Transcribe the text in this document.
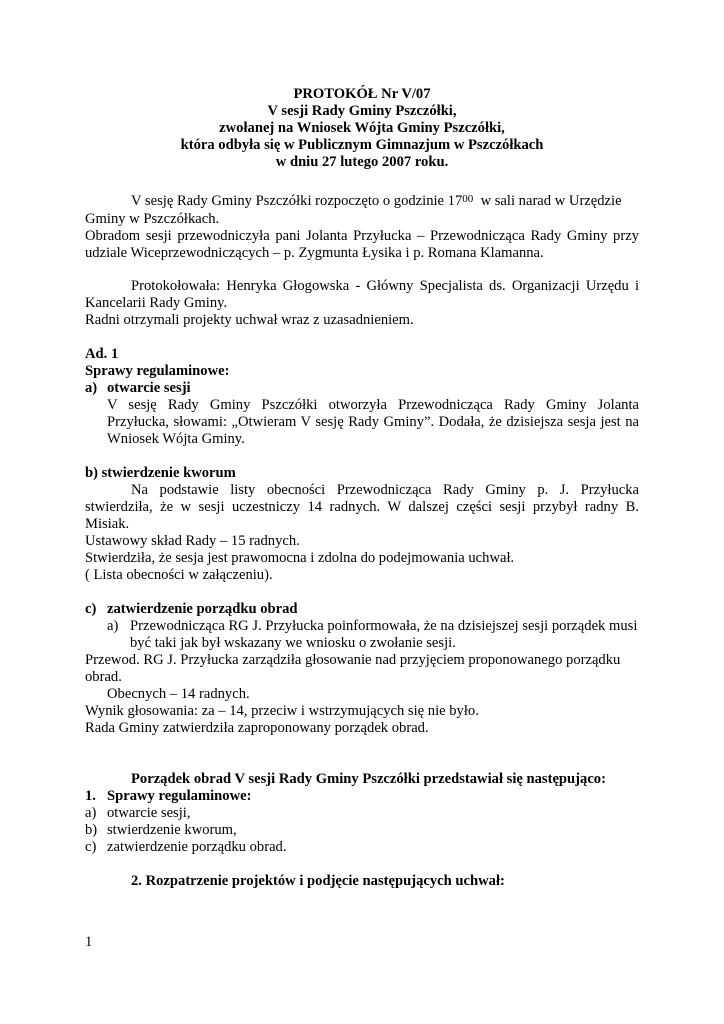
PROTOKÓŁ Nr V/07
V sesji Rady Gminy Pszczółki,
zwołanej na Wniosek Wójta Gminy Pszczółki,
która odbyła się w Publicznym Gimnazjum w Pszczółkach
w dniu 27 lutego 2007 roku.
V sesję Rady Gminy Pszczółki rozpoczęto o godzinie $17^{00}$  w sali narad w Urzędzie
Gminy w Pszczółkach.
Obradom sesji przewodniczyła pani Jolanta Przyłucka – Przewodnicząca Rady Gminy przy
udziale Wiceprzewodniczących – p. Zygmunta Łysika i p. Romana Klamanna.
Protokołowała: Henryka Głogowska - Główny Specjalista ds. Organizacji Urzędu i
Kancelarii Rady Gminy.
Radni otrzymali projekty uchwał wraz z uzasadnieniem.
Ad. 1
Sprawy regulaminowe:
a) otwarcie sesji
V sesję Rady Gminy Pszczółki otworzyła Przewodnicząca Rady Gminy Jolanta
Przyłucka, słowami: „Otwieram V sesję Rady Gminy”. Dodała, że dzisiejsza sesja jest na
Wniosek Wójta Gminy.
b) stwierdzenie kworum
Na podstawie listy obecności Przewodnicząca Rady Gminy p. J. Przyłucka
stwierdziła, że w sesji uczestniczy 14 radnych. W dalszej części sesji przybył radny B.
Misiak.
Ustawowy skład Rady – 15 radnych.
Stwierdziła, że sesja jest prawomocna i zdolna do podejmowania uchwał.
( Lista obecności w załączeniu).
c) zatwierdzenie porządku obrad
a) Przewodnicząca RG J. Przyłucka poinformowała, że na dzisiejszej sesji porządek musi
być taki jak był wskazany we wniosku o zwołanie sesji.
Przewod. RG J. Przyłucka zarządziła głosowanie nad przyjęciem proponowanego porządku
obrad.
Obecnych – 14 radnych.
Wynik głosowania: za – 14, przeciw i wstrzymujących się nie było.
Rada Gminy zatwierdziła zaproponowany porządek obrad.
Porządek obrad V sesji Rady Gminy Pszczółki przedstawiał się następująco:
1. Sprawy regulaminowe:
a) otwarcie sesji,
b) stwierdzenie kworum,
c) zatwierdzenie porządku obrad.
2. Rozpatrzenie projektów i podjęcie następujących uchwał:
1
